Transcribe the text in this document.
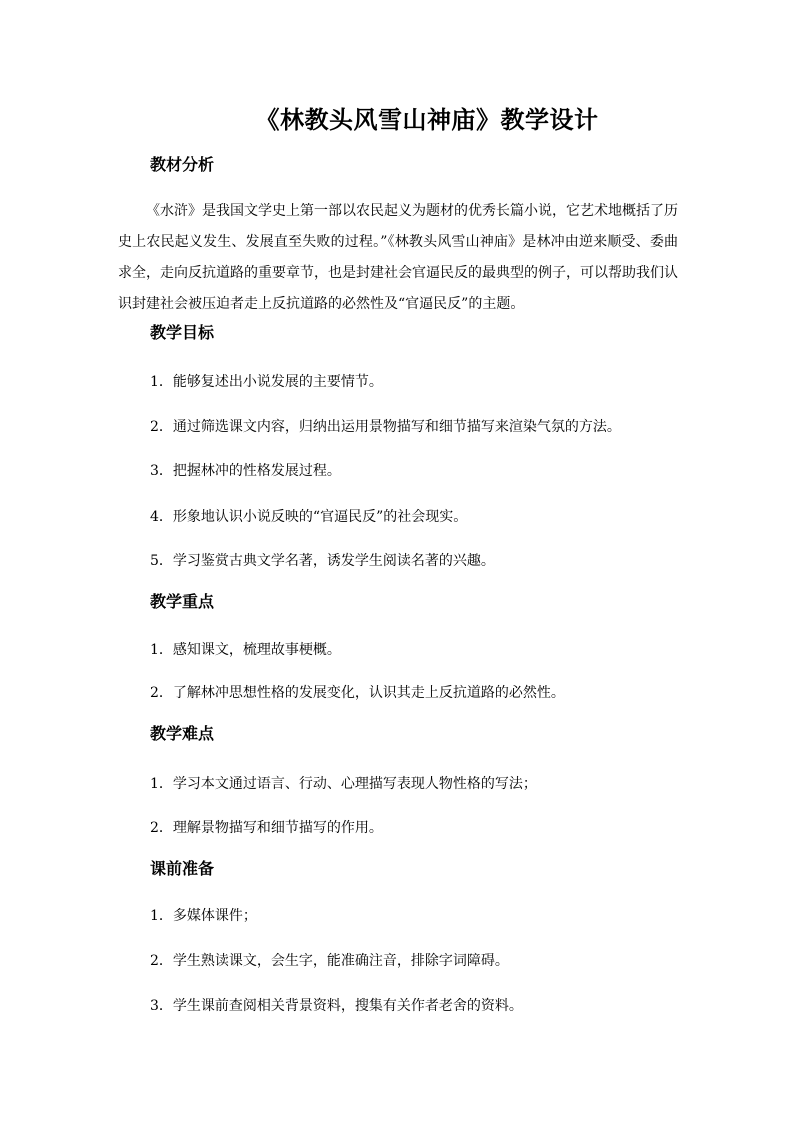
《林教头风雪山神庙》教学设计
教材分析
《水浒》是我国文学史上第一部以农民起义为题材的优秀长篇小说，它艺术地概括了历史上农民起义发生、发展直至失败的过程。”《林教头风雪山神庙》是林冲由逆来顺受、委曲求全，走向反抗道路的重要章节，也是封建社会官逼民反的最典型的例子，可以帮助我们认识封建社会被压迫者走上反抗道路的必然性及“官逼民反”的主题。
教学目标
1．能够复述出小说发展的主要情节。
2．通过筛选课文内容，归纳出运用景物描写和细节描写来渲染气氛的方法。
3．把握林冲的性格发展过程。
4．形象地认识小说反映的“官逼民反”的社会现实。
5．学习鉴赏古典文学名著，诱发学生阅读名著的兴趣。
教学重点
1．感知课文，梳理故事梗概。
2．了解林冲思想性格的发展变化，认识其走上反抗道路的必然性。
教学难点
1．学习本文通过语言、行动、心理描写表现人物性格的写法；
2．理解景物描写和细节描写的作用。
课前准备
1．多媒体课件；
2．学生熟读课文，会生字，能准确注音，排除字词障碍。
3．学生课前查阅相关背景资料，搜集有关作者老舍的资料。
